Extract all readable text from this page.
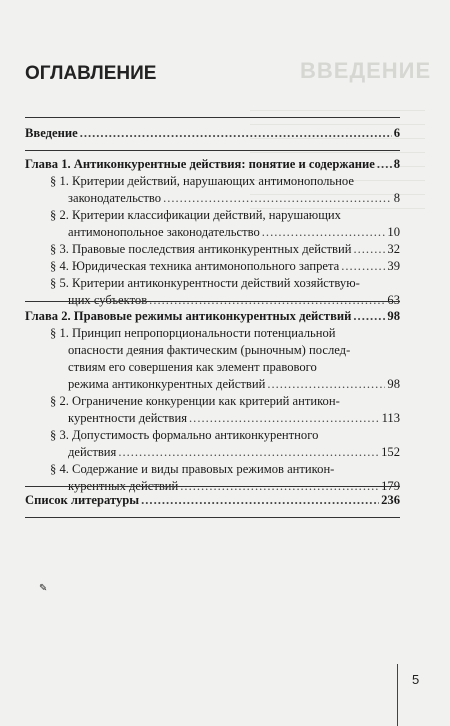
ВВЕДЕНИЕ
ОГЛАВЛЕНИЕ
Введение .....	6
Глава 1. Антиконкурентные действия: понятие и содержание ..... 8
§ 1. Критерии действий, нарушающих антимонопольное
законодательство .....	8
§ 2. Критерии классификации действий, нарушающих
антимонопольное законодательство .....	10
§ 3. Правовые последствия антиконкурентных действий .....	32
§ 4. Юридическая техника антимонопольного запрета .....	39
§ 5. Критерии антиконкурентности действий хозяйствую-
щих субъектов .....	63
Глава 2. Правовые режимы антиконкурентных действий .....	98
§ 1. Принцип непропорциональности потенциальной
опасности деяния фактическим (рыночным) послед-
ствиям его совершения как элемент правового
режима антиконкурентных действий .....	98
§ 2. Ограничение конкуренции как критерий антикон-
курентности действия .....	113
§ 3. Допустимость формально антиконкурентного
действия .....	152
§ 4. Содержание и виды правовых режимов антикон-
курентных действий .....	179
Список литературы .....	236
✎
5
